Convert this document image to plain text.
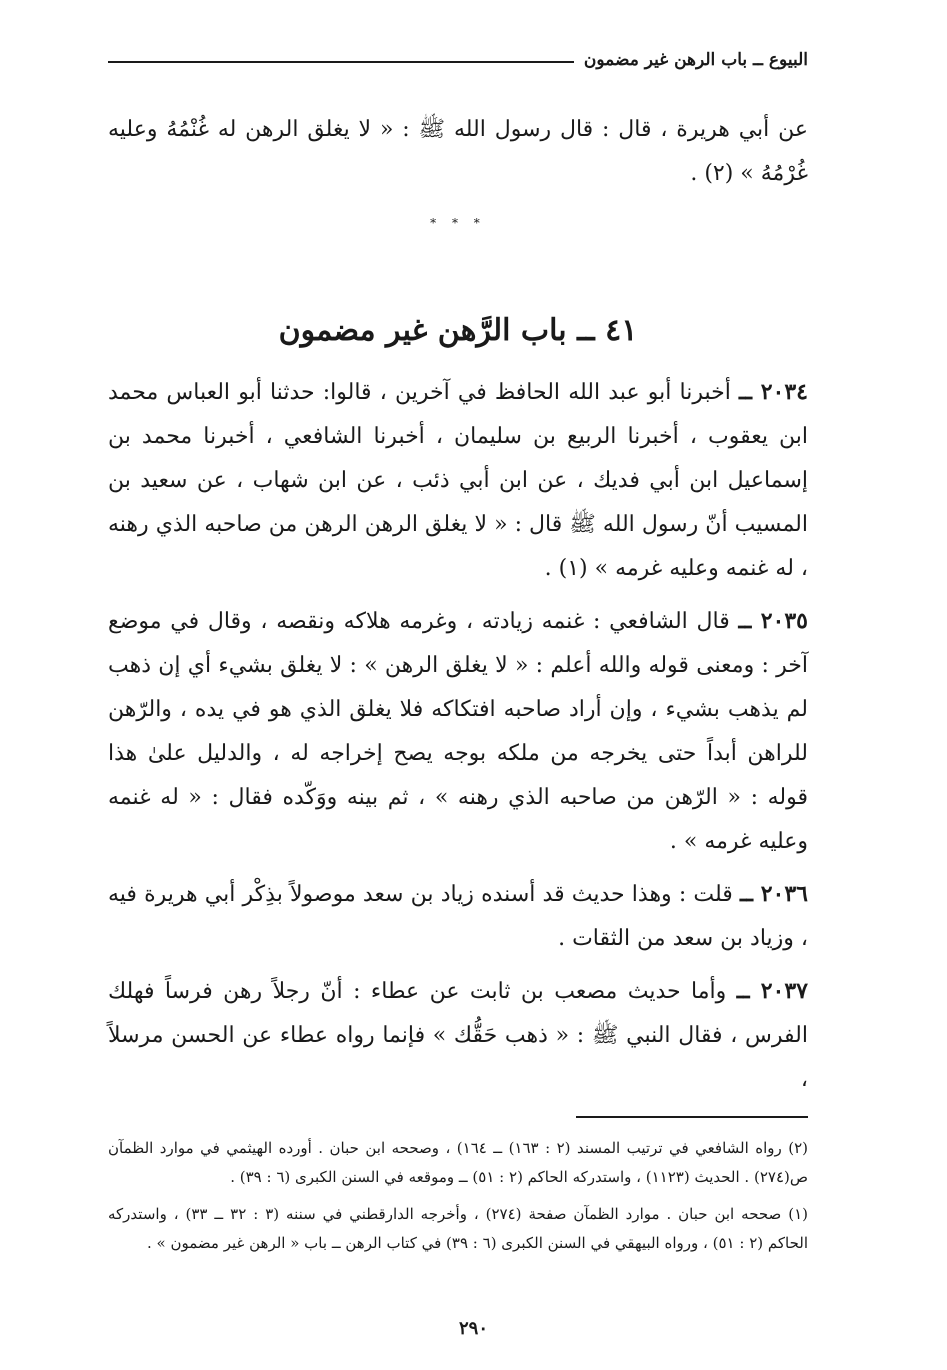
البيوع ــ باب الرهن غير مضمون

عن أبي هريرة ، قال : قال رسول الله ﷺ : « لا يغلق الرهن له غُنْمُهُ وعليه غُرْمُهُ » (٢) .

* * *
٤١ ــ باب الرَّهن غير مضمون

٢٠٣٤ ــ أخبرنا أبو عبد الله الحافظ في آخرين ، قالوا: حدثنا أبو العباس محمد ابن يعقوب ، أخبرنا الربيع بن سليمان ، أخبرنا الشافعي ، أخبرنا محمد بن إسماعيل ابن أبي فديك ، عن ابن أبي ذئب ، عن ابن شهاب ، عن سعيد بن المسيب أنّ رسول الله ﷺ قال : « لا يغلق الرهن الرهن من صاحبه الذي رهنه ، له غنمه وعليه غرمه » (١) .

٢٠٣٥ ــ قال الشافعي : غنمه زيادته ، وغرمه هلاكه ونقصه ، وقال في موضع آخر : ومعنى قوله والله أعلم : « لا يغلق الرهن » : لا يغلق بشيء أي إن ذهب لم يذهب بشيء ، وإن أراد صاحبه افتكاكه فلا يغلق الذي هو في يده ، والرّهن للراهن أبداً حتى يخرجه من ملكه بوجه يصح إخراجه له ، والدليل علىٰ هذا قوله : « الرّهن من صاحبه الذي رهنه » ، ثم بينه ووَكّده فقال : « له غنمه وعليه غرمه » .

٢٠٣٦ ــ قلت : وهذا حديث قد أسنده زياد بن سعد موصولاً بذِكْر أبي هريرة فيه ، وزياد بن سعد من الثقات .

٢٠٣٧ ــ وأما حديث مصعب بن ثابت عن عطاء : أنّ رجلاً رهن فرساً فهلك الفرس ، فقال النبي ﷺ : « ذهب حَقُّك » فإنما رواه عطاء عن الحسن مرسلاً ،

(٢) رواه الشافعي في ترتيب المسند (٢ : ١٦٣) ــ ١٦٤) ، وصححه ابن حبان . أورده الهيثمي في موارد الظمآن ص(٢٧٤) . الحديث (١١٢٣) ، واستدركه الحاكم (٢ : ٥١) ــ وموقعه في السنن الكبرى (٦ : ٣٩) .

(١) صححه ابن حبان . موارد الظمآن صفحة (٢٧٤) ، وأخرجه الدارقطني في سننه (٣ : ٣٢ ــ ٣٣) ، واستدركه الحاكم (٢ : ٥١) ، ورواه البيهقي في السنن الكبرى (٦ : ٣٩) في كتاب الرهن ــ باب « الرهن غير مضمون » .

٢٩٠
